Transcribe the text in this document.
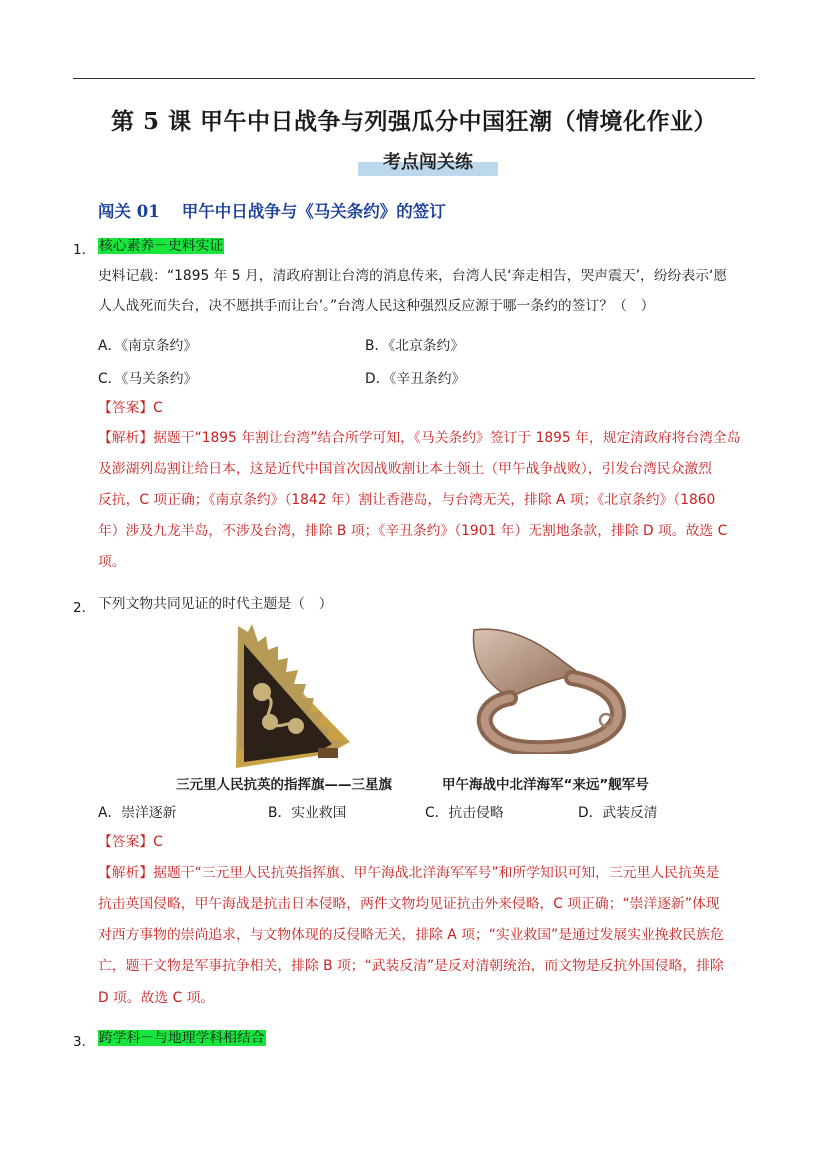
第 5 课 甲午中日战争与列强瓜分中国狂潮（情境化作业）
考点闯关练
闯关 01 甲午中日战争与《马关条约》的签订
1． 核心素养－史料实证
史料记载：“1895 年 5 月，清政府割让台湾的消息传来，台湾人民‘奔走相告，哭声震天’，纷纷表示‘愿
人人战死而失台，决不愿拱手而让台’。”台湾人民这种强烈反应源于哪一条约的签订？（　）
A．《南京条约》	B．《北京条约》
C．《马关条约》	D．《辛丑条约》
【答案】C
【解析】据题干“1895 年割让台湾”结合所学可知，《马关条约》签订于 1895 年，规定清政府将台湾全岛
及澎湖列岛割让给日本，这是近代中国首次因战败割让本土领土（甲午战争战败），引发台湾民众激烈
反抗，C 项正确；《南京条约》（1842 年）割让香港岛，与台湾无关，排除 A 项；《北京条约》（1860
年）涉及九龙半岛，不涉及台湾，排除 B 项；《辛丑条约》（1901 年）无割地条款，排除 D 项。故选 C
项。
2． 下列文物共同见证的时代主题是（　）
三元里人民抗英的指挥旗——三星旗	甲午海战中北洋海军“来远”舰军号
A．崇洋逐新	B．实业救国	C．抗击侵略	D．武装反清
【答案】C
【解析】据题干“三元里人民抗英指挥旗、甲午海战北洋海军军号”和所学知识可知，三元里人民抗英是
抗击英国侵略，甲午海战是抗击日本侵略，两件文物均见证抗击外来侵略，C 项正确；“崇洋逐新”体现
对西方事物的崇尚追求，与文物体现的反侵略无关，排除 A 项；“实业救国”是通过发展实业挽救民族危
亡，题干文物是军事抗争相关，排除 B 项；“武装反清”是反对清朝统治，而文物是反抗外国侵略，排除
D 项。故选 C 项。
3． 跨学科－与地理学科相结合
